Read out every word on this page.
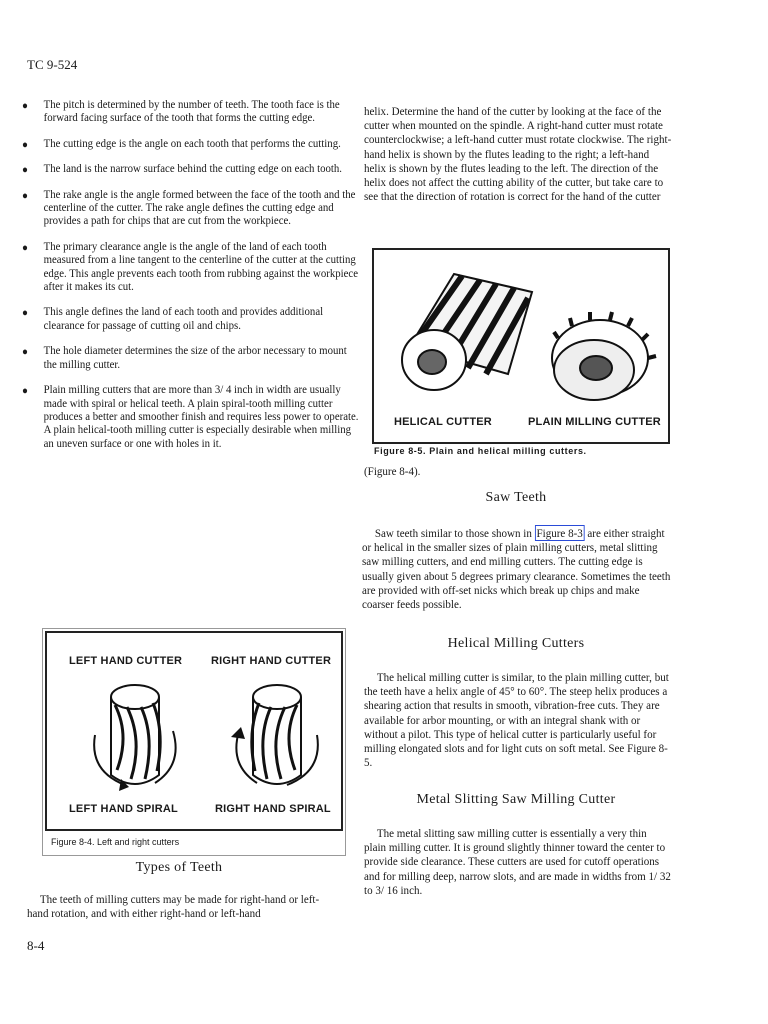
TC 9-524
● The pitch is determined by the number of teeth. The tooth face is the forward facing surface of the tooth that forms the cutting edge.
● The cutting edge is the angle on each tooth that performs the cutting.
● The land is the narrow surface behind the cutting edge on each tooth.
● The rake angle is the angle formed between the face of the tooth and the centerline of the cutter. The rake angle defines the cutting edge and provides a path for chips that are cut from the workpiece.
● The primary clearance angle is the angle of the land of each tooth measured from a line tangent to the centerline of the cutter at the cutting edge. This angle prevents each tooth from rubbing against the workpiece after it makes its cut.
● This angle defines the land of each tooth and provides additional clearance for passage of cutting oil and chips.
● The hole diameter determines the size of the arbor necessary to mount the milling cutter.
● Plain milling cutters that are more than 3/ 4 inch in width are usually made with spiral or helical teeth. A plain spiral-tooth milling cutter produces a better and smoother finish and requires less power to operate. A plain helical-tooth milling cutter is especially desirable when milling an uneven surface or one with holes in it.
LEFT HAND CUTTER	RIGHT HAND CUTTER
LEFT HAND SPIRAL	RIGHT HAND SPIRAL
Figure 8-4. Left and right cutters
Types of Teeth

The teeth of milling cutters may be made for right-hand or left-hand rotation, and with either right-hand or left-hand

8-4

helix. Determine the hand of the cutter by looking at the face of the cutter when mounted on the spindle. A right-hand cutter must rotate counterclockwise; a left-hand cutter must rotate clockwise. The right-hand helix is shown by the flutes leading to the right; a left-hand helix is shown by the flutes leading to the left. The direction of the helix does not affect the cutting ability of the cutter, but take care to see that the direction of rotation is correct for the hand of the cutter

HELICAL CUTTER	PLAIN MILLING CUTTER
Figure 8-5. Plain and helical milling cutters.

(Figure 8-4).

Saw Teeth

Saw teeth similar to those shown in Figure 8-3 are either straight or helical in the smaller sizes of plain milling cutters, metal slitting saw milling cutters, and end milling cutters. The cutting edge is usually given about 5 degrees primary clearance. Sometimes the teeth are provided with off-set nicks which break up chips and make coarser feeds possible.

Helical Milling Cutters

The helical milling cutter is similar, to the plain milling cutter, but the teeth have a helix angle of 45° to 60°. The steep helix produces a shearing action that results in smooth, vibration-free cuts. They are available for arbor mounting, or with an integral shank with or without a pilot. This type of helical cutter is particularly useful for milling elongated slots and for light cuts on soft metal. See Figure 8-5.

Metal Slitting Saw Milling Cutter

The metal slitting saw milling cutter is essentially a very thin plain milling cutter. It is ground slightly thinner toward the center to provide side clearance. These cutters are used for cutoff operations and for milling deep, narrow slots, and are made in widths from 1/ 32 to 3/ 16 inch.
